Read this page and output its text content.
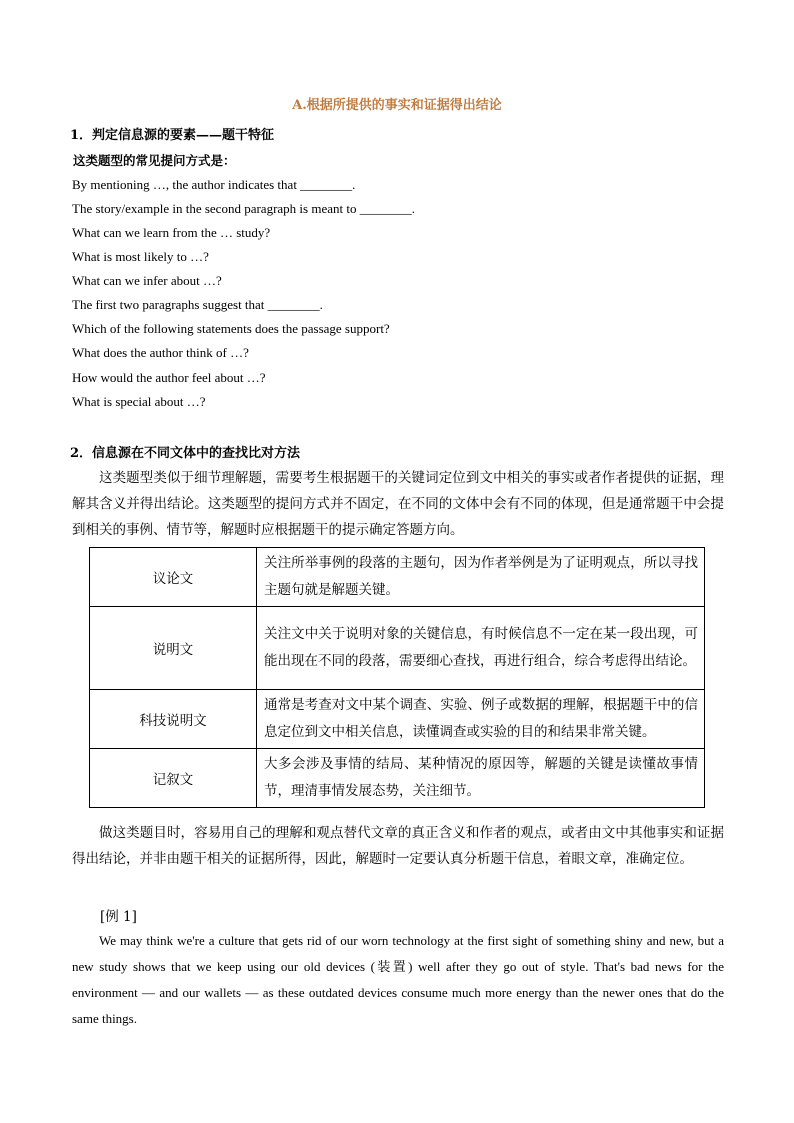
A.根据所提供的事实和证据得出结论
1．判定信息源的要素——题干特征
这类题型的常见提问方式是：
By mentioning …, the author indicates that ________.
The story/example in the second paragraph is meant to ________.
What can we learn from the … study?
What is most likely to …?
What can we infer about …?
The first two paragraphs suggest that ________.
Which of the following statements does the passage support?
What does the author think of …?
How would the author feel about …?
What is special about …?
2．信息源在不同文体中的查找比对方法
这类题型类似于细节理解题，需要考生根据题干的关键词定位到文中相关的事实或者作者提供的证据，理解其含义并得出结论。这类题型的提问方式并不固定，在不同的文体中会有不同的体现，但是通常题干中会提到相关的事例、情节等，解题时应根据题干的提示确定答题方向。
议论文	关注所举事例的段落的主题句，因为作者举例是为了证明观点，所以寻找主题句就是解题关键。
说明文	关注文中关于说明对象的关键信息，有时候信息不一定在某一段出现，可能出现在不同的段落，需要细心查找，再进行组合，综合考虑得出结论。
科技说明文	通常是考查对文中某个调查、实验、例子或数据的理解，根据题干中的信息定位到文中相关信息，读懂调查或实验的目的和结果非常关键。
记叙文	大多会涉及事情的结局、某种情况的原因等，解题的关键是读懂故事情节，理清事情发展态势，关注细节。
做这类题目时，容易用自己的理解和观点替代文章的真正含义和作者的观点，或者由文中其他事实和证据得出结论，并非由题干相关的证据所得，因此，解题时一定要认真分析题干信息，着眼文章，准确定位。
[例 1]
We may think we're a culture that gets rid of our worn technology at the first sight of something shiny and new, but a new study shows that we keep using our old devices (装置) well after they go out of style. That's bad news for the environment — and our wallets — as these outdated devices consume much more energy than the newer ones that do the same things.
